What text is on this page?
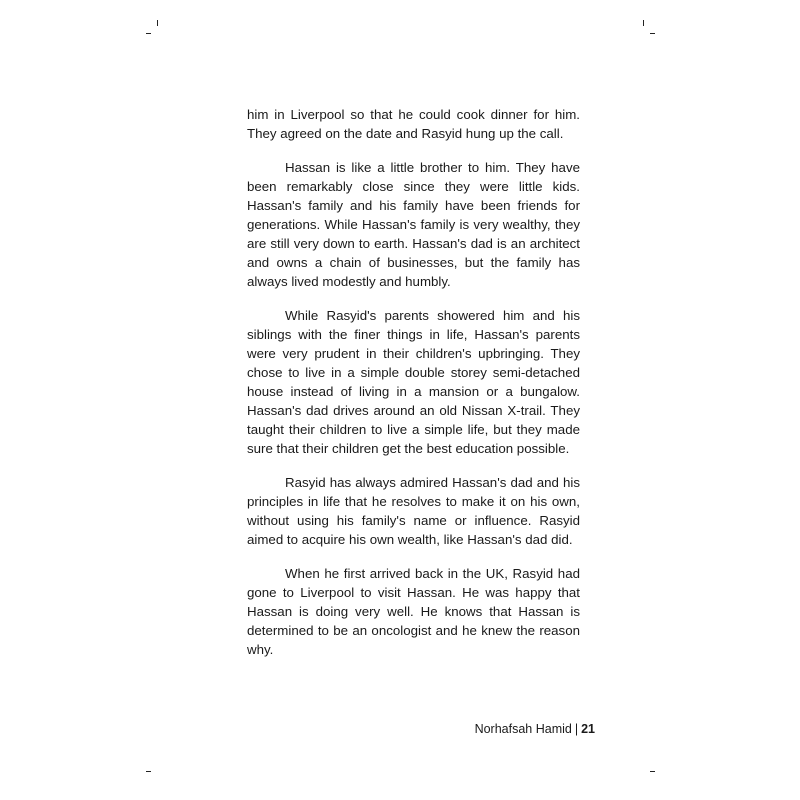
him in Liverpool so that he could cook dinner for him. They agreed on the date and Rasyid hung up the call.

Hassan is like a little brother to him. They have been remarkably close since they were little kids. Hassan's family and his family have been friends for generations. While Hassan's family is very wealthy, they are still very down to earth. Hassan's dad is an architect and owns a chain of businesses, but the family has always lived modestly and humbly.

While Rasyid's parents showered him and his siblings with the finer things in life, Hassan's parents were very prudent in their children's upbringing. They chose to live in a simple double storey semi-detached house instead of living in a mansion or a bungalow. Hassan's dad drives around an old Nissan X-trail. They taught their children to live a simple life, but they made sure that their children get the best education possible.

Rasyid has always admired Hassan's dad and his principles in life that he resolves to make it on his own, without using his family's name or influence. Rasyid aimed to acquire his own wealth, like Hassan's dad did.

When he first arrived back in the UK, Rasyid had gone to Liverpool to visit Hassan. He was happy that Hassan is doing very well. He knows that Hassan is determined to be an oncologist and he knew the reason why.

Norhafsah Hamid | 21
